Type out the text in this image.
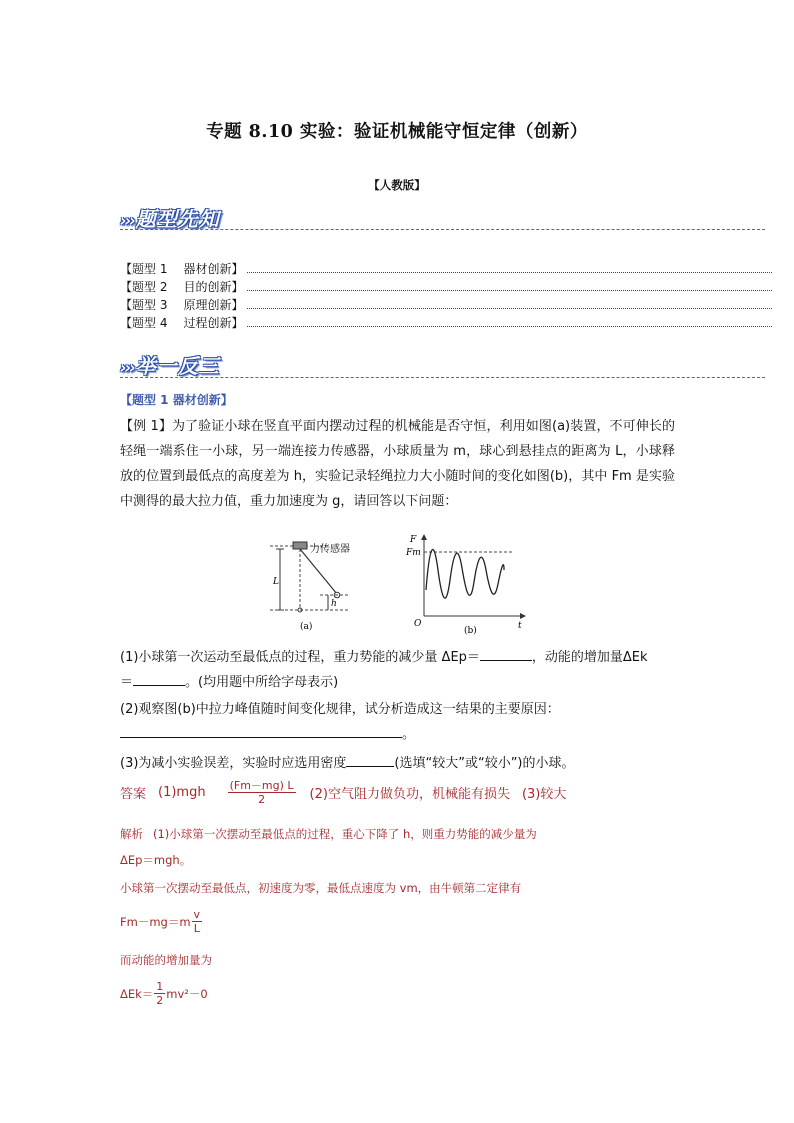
专题 8.10 实验：验证机械能守恒定律（创新）
【人教版】
››› 题型先知
【题型 1 器材创新】
【题型 2 目的创新】
【题型 3 原理创新】
【题型 4 过程创新】
››› 举一反三
【题型 1 器材创新】
【例 1】为了验证小球在竖直平面内摆动过程的机械能是否守恒，利用如图(a)装置，不可伸长的轻绳一端系住一小球，另一端连接力传感器，小球质量为 m，球心到悬挂点的距离为 L，小球释放的位置到最低点的高度差为 h，实验记录轻绳拉力大小随时间的变化如图(b)，其中 Fm 是实验中测得的最大拉力值，重力加速度为 g，请回答以下问题：
L
h
(a)
力传感器
F
Fm
O	t
(b)
(1)小球第一次运动至最低点的过程，重力势能的减少量 ΔEp＝	，动能的增加量ΔEk
＝	。(均用题中所给字母表示)
(2)观察图(b)中拉力峰值随时间变化规律，试分析造成这一结果的主要原因：
。
(3)为减小实验误差，实验时应选用密度	(选填“较大”或“较小”)的小球。
答案 $(1)mgh \frac{(Fm-mg) L}{2} (2)$空气阻力做负功，机械能有损失 (3)较大
解析 (1)小球第一次摆动至最低点的过程，重心下降了 h，则重力势能的减少量为
ΔEp＝mgh。
小球第一次摆动至最低点，初速度为零，最低点速度为 vm，由牛顿第二定律有
$Fm-mg=m \frac{v}{L}$
而动能的增加量为
$\Delta Ek= \frac{1}{2} mv^2-0$
